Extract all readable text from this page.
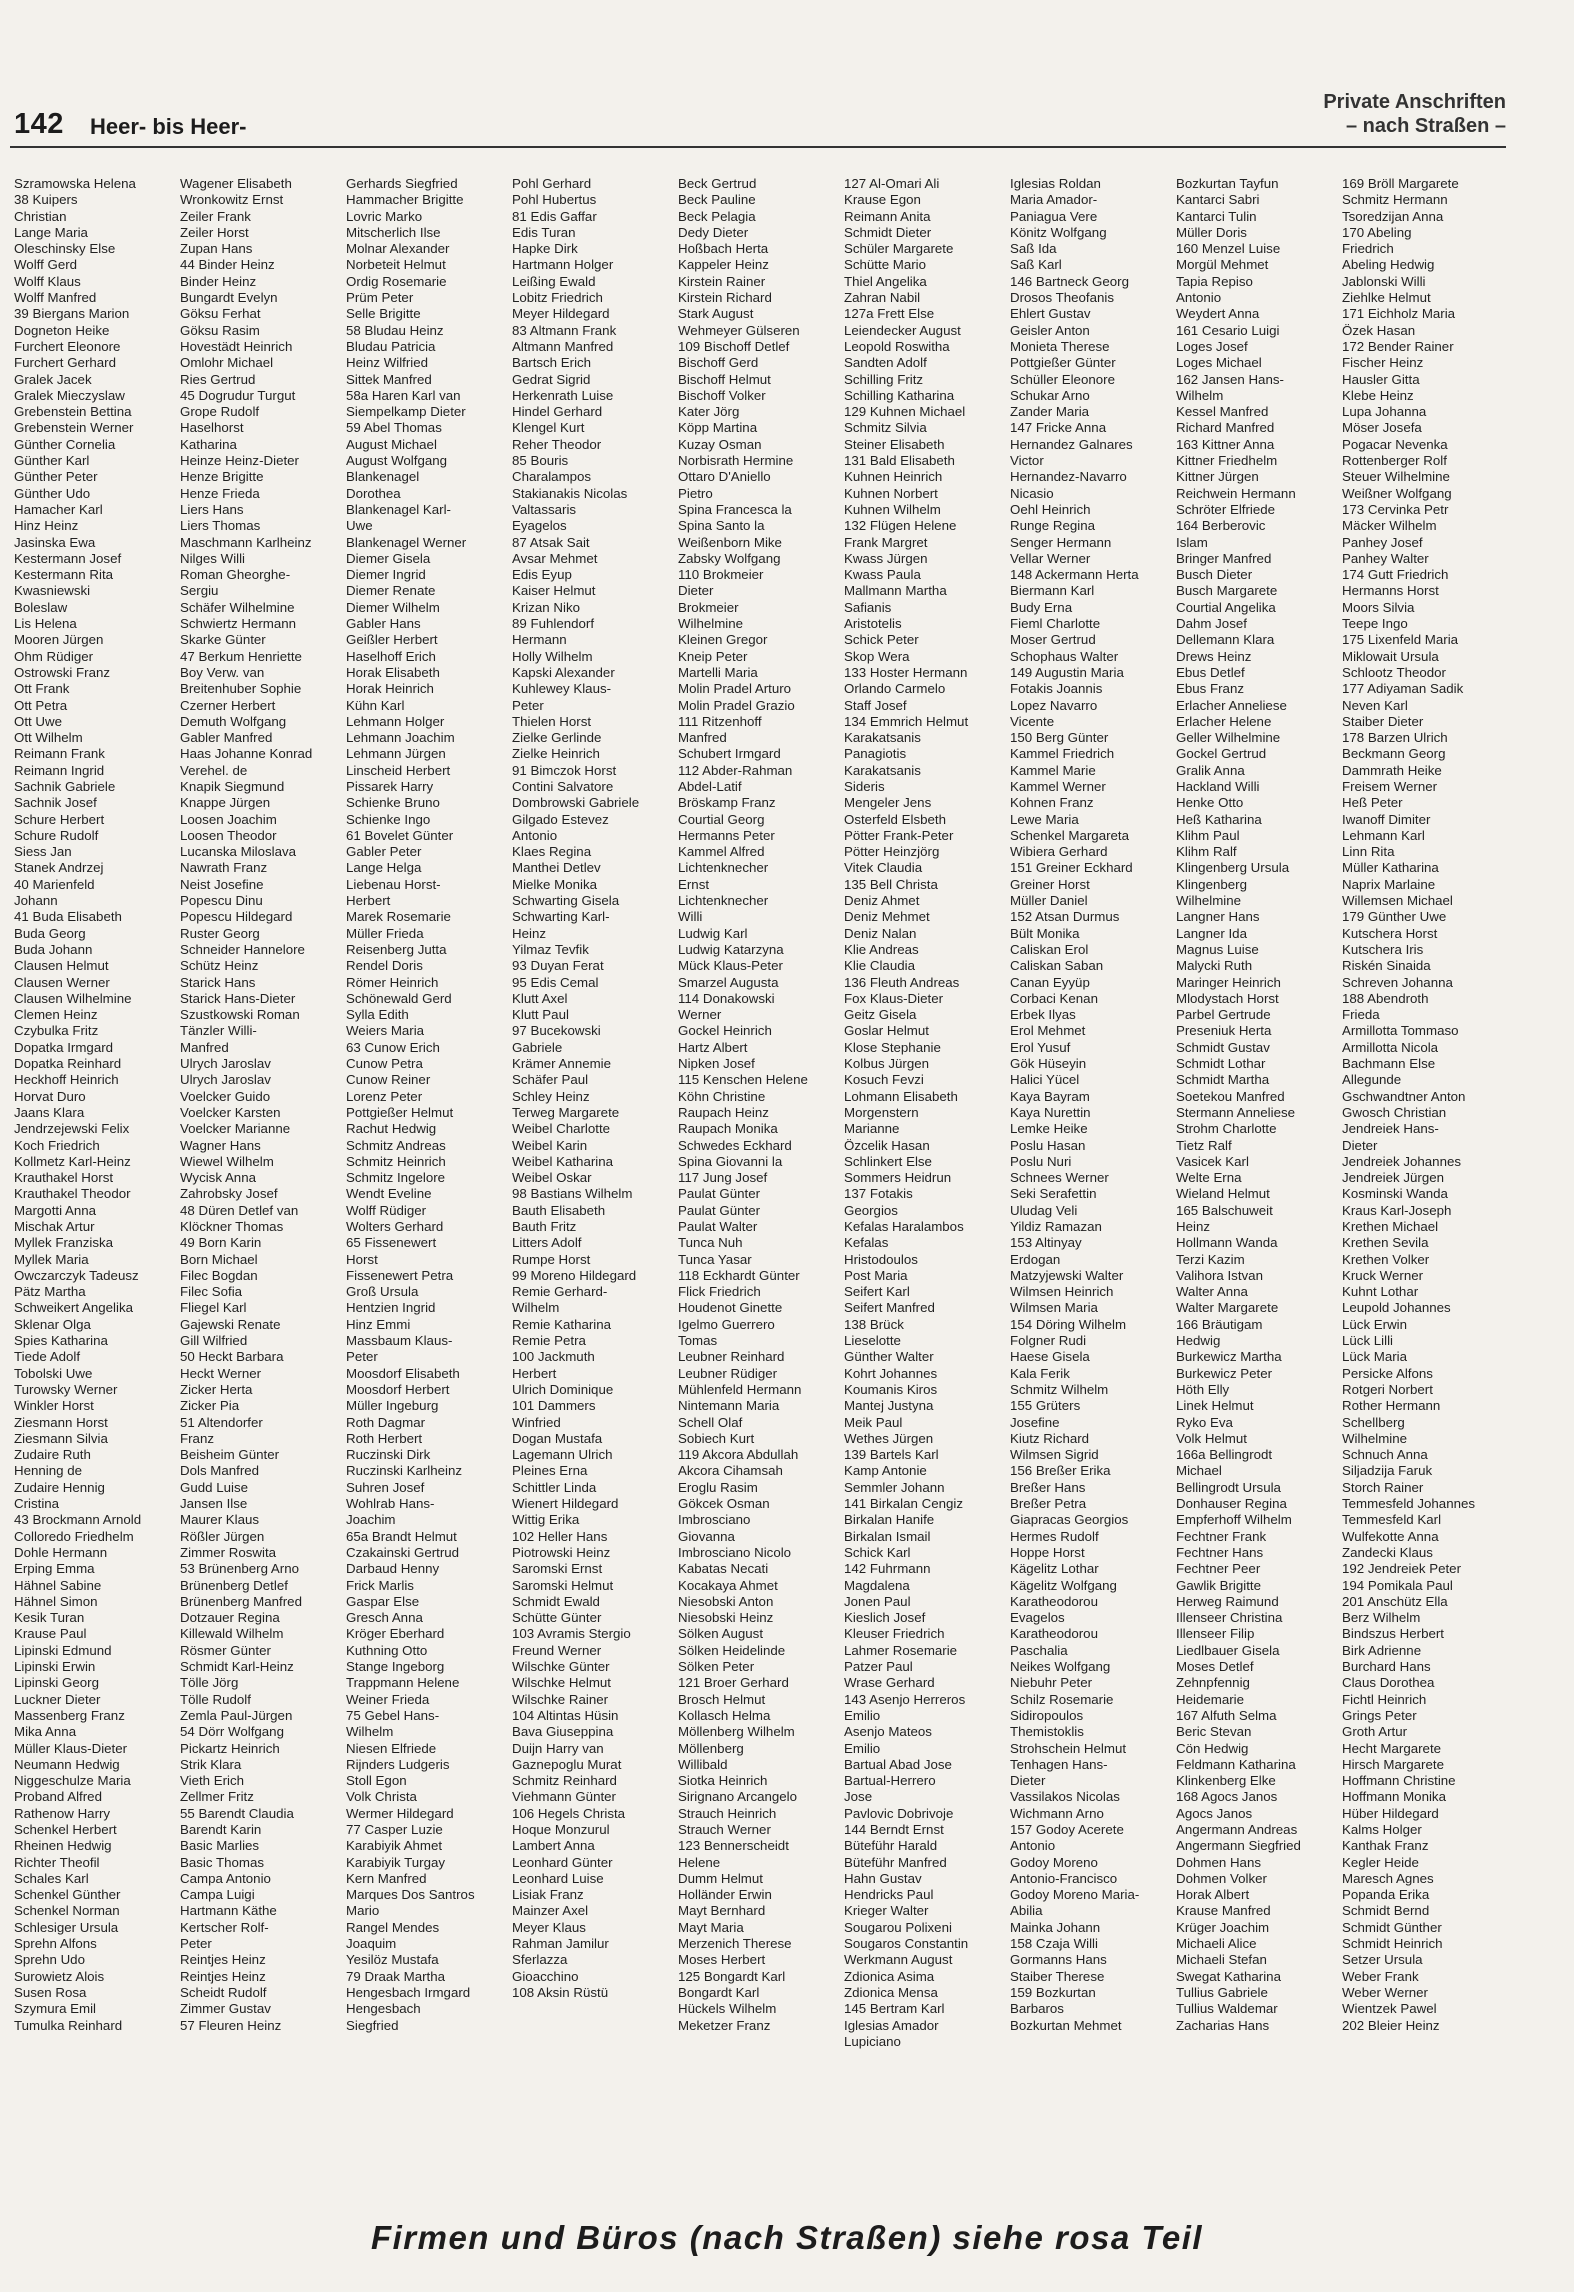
142 Heer- bis Heer-
Private Anschriften
– nach Straßen –
Szramowska Helena
38 Kuipers
Christian
Lange Maria
Oleschinsky Else
Wolff Gerd
Wolff Klaus
Wolff Manfred
39 Biergans Marion
Dogneton Heike
Furchert Eleonore
Furchert Gerhard
Gralek Jacek
Gralek Mieczyslaw
Grebenstein Bettina
Grebenstein Werner
Günther Cornelia
Günther Karl
Günther Peter
Günther Udo
Hamacher Karl
Hinz Heinz
Jasinska Ewa
Kestermann Josef
Kestermann Rita
Kwasniewski
Boleslaw
Lis Helena
Mooren Jürgen
Ohm Rüdiger
Ostrowski Franz
Ott Frank
Ott Petra
Ott Uwe
Ott Wilhelm
Reimann Frank
Reimann Ingrid
Sachnik Gabriele
Sachnik Josef
Schure Herbert
Schure Rudolf
Siess Jan
Stanek Andrzej
40 Marienfeld
Johann
41 Buda Elisabeth
Buda Georg
Buda Johann
Clausen Helmut
Clausen Werner
Clausen Wilhelmine
Clemen Heinz
Czybulka Fritz
Dopatka Irmgard
Dopatka Reinhard
Heckhoff Heinrich
Horvat Duro
Jaans Klara
Jendrzejewski Felix
Koch Friedrich
Kollmetz Karl-Heinz
Krauthakel Horst
Krauthakel Theodor
Margotti Anna
Mischak Artur
Myllek Franziska
Myllek Maria
Owczarczyk Tadeusz
Pätz Martha
Schweikert Angelika
Sklenar Olga
Spies Katharina
Tiede Adolf
Tobolski Uwe
Turowsky Werner
Winkler Horst
Ziesmann Horst
Ziesmann Silvia
Zudaire Ruth
Henning de
Zudaire Hennig
Cristina
43 Brockmann Arnold
Colloredo Friedhelm
Dohle Hermann
Erping Emma
Hähnel Sabine
Hähnel Simon
Kesik Turan
Krause Paul
Lipinski Edmund
Lipinski Erwin
Lipinski Georg
Luckner Dieter
Massenberg Franz
Mika Anna
Müller Klaus-Dieter
Neumann Hedwig
Niggeschulze Maria
Proband Alfred
Rathenow Harry
Schenkel Herbert
Rheinen Hedwig
Richter Theofil
Schales Karl
Schenkel Günther
Schenkel Norman
Schlesiger Ursula
Sprehn Alfons
Sprehn Udo
Surowietz Alois
Susen Rosa
Szymura Emil
Tumulka Reinhard
Wagener Elisabeth
Wronkowitz Ernst
Zeiler Frank
Zeiler Horst
Zupan Hans
44 Binder Heinz
Binder Heinz
Bungardt Evelyn
Göksu Ferhat
Göksu Rasim
Hovestädt Heinrich
Omlohr Michael
Ries Gertrud
45 Dogrudur Turgut
Grope Rudolf
Haselhorst
Katharina
Heinze Heinz-Dieter
Henze Brigitte
Henze Frieda
Liers Hans
Liers Thomas
Maschmann Karlheinz
Nilges Willi
Roman Gheorghe-
Sergiu
Schäfer Wilhelmine
Schwiertz Hermann
Skarke Günter
47 Berkum Henriette
Boy Verw. van
Breitenhuber Sophie
Czerner Herbert
Demuth Wolfgang
Gabler Manfred
Haas Johanne Konrad
Verehel. de
Knapik Siegmund
Knappe Jürgen
Loosen Joachim
Loosen Theodor
Lucanska Miloslava
Nawrath Franz
Neist Josefine
Popescu Dinu
Popescu Hildegard
Ruster Georg
Schneider Hannelore
Schütz Heinz
Starick Hans
Starick Hans-Dieter
Szustkowski Roman
Tänzler Willi-
Manfred
Ulrych Jaroslav
Ulrych Jaroslav
Voelcker Guido
Voelcker Karsten
Voelcker Marianne
Wagner Hans
Wiewel Wilhelm
Wycisk Anna
Zahrobsky Josef
48 Düren Detlef van
Klöckner Thomas
49 Born Karin
Born Michael
Filec Bogdan
Filec Sofia
Fliegel Karl
Gajewski Renate
Gill Wilfried
50 Heckt Barbara
Heckt Werner
Zicker Herta
Zicker Pia
51 Altendorfer
Franz
Beisheim Günter
Dols Manfred
Gudd Luise
Jansen Ilse
Maurer Klaus
Rößler Jürgen
Zimmer Roswita
53 Brünenberg Arno
Brünenberg Detlef
Brünenberg Manfred
Dotzauer Regina
Killewald Wilhelm
Rösmer Günter
Schmidt Karl-Heinz
Tölle Jörg
Tölle Rudolf
Zemla Paul-Jürgen
54 Dörr Wolfgang
Pickartz Heinrich
Strik Klara
Vieth Erich
Zellmer Fritz
55 Barendt Claudia
Barendt Karin
Basic Marlies
Basic Thomas
Campa Antonio
Campa Luigi
Hartmann Käthe
Kertscher Rolf-
Peter
Reintjes Heinz
Reintjes Heinz
Scheidt Rudolf
Zimmer Gustav
57 Fleuren Heinz
Gerhards Siegfried
Hammacher Brigitte
Lovric Marko
Mitscherlich Ilse
Molnar Alexander
Norbeteit Helmut
Ordig Rosemarie
Prüm Peter
Selle Brigitte
58 Bludau Heinz
Bludau Patricia
Heinz Wilfried
Sittek Manfred
58a Haren Karl van
Siempelkamp Dieter
59 Abel Thomas
August Michael
August Wolfgang
Blankenagel
Dorothea
Blankenagel Karl-
Uwe
Blankenagel Werner
Diemer Gisela
Diemer Ingrid
Diemer Renate
Diemer Wilhelm
Gabler Hans
Geißler Herbert
Haselhoff Erich
Horak Elisabeth
Horak Heinrich
Kühn Karl
Lehmann Holger
Lehmann Joachim
Lehmann Jürgen
Linscheid Herbert
Pissarek Harry
Schienke Bruno
Schienke Ingo
61 Bovelet Günter
Gabler Peter
Lange Helga
Liebenau Horst-
Herbert
Marek Rosemarie
Müller Frieda
Reisenberg Jutta
Rendel Doris
Römer Heinrich
Schönewald Gerd
Sylla Edith
Weiers Maria
63 Cunow Erich
Cunow Petra
Cunow Reiner
Lorenz Peter
Pottgießer Helmut
Rachut Hedwig
Schmitz Andreas
Schmitz Heinrich
Schmitz Ingelore
Wendt Eveline
Wolff Rüdiger
Wolters Gerhard
65 Fissenewert
Horst
Fissenewert Petra
Groß Ursula
Hentzien Ingrid
Hinz Emmi
Massbaum Klaus-
Peter
Moosdorf Elisabeth
Moosdorf Herbert
Müller Ingeburg
Roth Dagmar
Roth Herbert
Ruczinski Dirk
Ruczinski Karlheinz
Suhren Josef
Wohlrab Hans-
Joachim
65a Brandt Helmut
Czakainski Gertrud
Darbaud Henny
Frick Marlis
Gaspar Else
Gresch Anna
Kröger Eberhard
Kuthning Otto
Stange Ingeborg
Trappmann Helene
Weiner Frieda
75 Gebel Hans-
Wilhelm
Niesen Elfriede
Rijnders Ludgeris
Stoll Egon
Volk Christa
Wermer Hildegard
77 Casper Luzie
Karabiyik Ahmet
Karabiyik Turgay
Kern Manfred
Marques Dos Santros
Mario
Rangel Mendes
Joaquim
Yesilöz Mustafa
79 Draak Martha
Hengesbach Irmgard
Hengesbach
Siegfried
Pohl Gerhard
Pohl Hubertus
81 Edis Gaffar
Edis Turan
Hapke Dirk
Hartmann Holger
Leißing Ewald
Lobitz Friedrich
Meyer Hildegard
83 Altmann Frank
Altmann Manfred
Bartsch Erich
Gedrat Sigrid
Herkenrath Luise
Hindel Gerhard
Klengel Kurt
Reher Theodor
85 Bouris
Charalampos
Stakianakis Nicolas
Valtassaris
Eyagelos
87 Atsak Sait
Avsar Mehmet
Edis Eyup
Kaiser Helmut
Krizan Niko
89 Fuhlendorf
Hermann
Holly Wilhelm
Kapski Alexander
Kuhlewey Klaus-
Peter
Thielen Horst
Zielke Gerlinde
Zielke Heinrich
91 Bimczok Horst
Contini Salvatore
Dombrowski Gabriele
Gilgado Estevez
Antonio
Klaes Regina
Manthei Detlev
Mielke Monika
Schwarting Gisela
Schwarting Karl-
Heinz
Yilmaz Tevfik
93 Duyan Ferat
95 Edis Cemal
Klutt Axel
Klutt Paul
97 Bucekowski
Gabriele
Krämer Annemie
Schäfer Paul
Schley Heinz
Terweg Margarete
Weibel Charlotte
Weibel Karin
Weibel Katharina
Weibel Oskar
98 Bastians Wilhelm
Bauth Elisabeth
Bauth Fritz
Litters Adolf
Rumpe Horst
99 Moreno Hildegard
Remie Gerhard-
Wilhelm
Remie Katharina
Remie Petra
100 Jackmuth
Herbert
Ulrich Dominique
101 Dammers
Winfried
Dogan Mustafa
Lagemann Ulrich
Pleines Erna
Schittler Linda
Wienert Hildegard
Wittig Erika
102 Heller Hans
Piotrowski Heinz
Saromski Ernst
Saromski Helmut
Schmidt Ewald
Schütte Günter
103 Avramis Stergio
Freund Werner
Wilschke Günter
Wilschke Helmut
Wilschke Rainer
104 Altintas Hüsin
Bava Giuseppina
Duijn Harry van
Gaznepoglu Murat
Schmitz Reinhard
Viehmann Günter
106 Hegels Christa
Hoque Monzurul
Lambert Anna
Leonhard Günter
Leonhard Luise
Lisiak Franz
Mainzer Axel
Meyer Klaus
Rahman Jamilur
Sferlazza
Gioacchino
108 Aksin Rüstü
Beck Gertrud
Beck Pauline
Beck Pelagia
Dedy Dieter
Hoßbach Herta
Kappeler Heinz
Kirstein Rainer
Kirstein Richard
Stark August
Wehmeyer Gülseren
109 Bischoff Detlef
Bischoff Gerd
Bischoff Helmut
Bischoff Volker
Kater Jörg
Köpp Martina
Kuzay Osman
Norbisrath Hermine
Ottaro D'Aniello
Pietro
Spina Francesca la
Spina Santo la
Weißenborn Mike
Zabsky Wolfgang
110 Brokmeier
Dieter
Brokmeier
Wilhelmine
Kleinen Gregor
Kneip Peter
Martelli Maria
Molin Pradel Arturo
Molin Pradel Grazio
111 Ritzenhoff
Manfred
Schubert Irmgard
112 Abder-Rahman
Abdel-Latif
Bröskamp Franz
Courtial Georg
Hermanns Peter
Kammel Alfred
Lichtenknecher
Ernst
Lichtenknecher
Willi
Ludwig Karl
Ludwig Katarzyna
Mück Klaus-Peter
Smarzel Augusta
114 Donakowski
Werner
Gockel Heinrich
Hartz Albert
Nipken Josef
115 Kenschen Helene
Köhn Christine
Raupach Heinz
Raupach Monika
Schwedes Eckhard
Spina Giovanni la
117 Jung Josef
Paulat Günter
Paulat Günter
Paulat Walter
Tunca Nuh
Tunca Yasar
118 Eckhardt Günter
Flick Friedrich
Houdenot Ginette
Igelmo Guerrero
Tomas
Leubner Reinhard
Leubner Rüdiger
Mühlenfeld Hermann
Nintemann Maria
Schell Olaf
Sobiech Kurt
119 Akcora Abdullah
Akcora Cihamsah
Eroglu Rasim
Gökcek Osman
Imbrosciano
Giovanna
Imbrosciano Nicolo
Kabatas Necati
Kocakaya Ahmet
Niesobski Anton
Niesobski Heinz
Sölken August
Sölken Heidelinde
Sölken Peter
121 Broer Gerhard
Brosch Helmut
Kollasch Helma
Möllenberg Wilhelm
Möllenberg
Willibald
Siotka Heinrich
Sirignano Arcangelo
Strauch Heinrich
Strauch Werner
123 Bennerscheidt
Helene
Dumm Helmut
Holländer Erwin
Mayt Bernhard
Mayt Maria
Merzenich Therese
Moses Herbert
125 Bongardt Karl
Bongardt Karl
Hückels Wilhelm
Meketzer Franz
127 Al-Omari Ali
Krause Egon
Reimann Anita
Schmidt Dieter
Schüler Margarete
Schütte Mario
Thiel Angelika
Zahran Nabil
127a Frett Else
Leiendecker August
Leopold Roswitha
Sandten Adolf
Schilling Fritz
Schilling Katharina
129 Kuhnen Michael
Schmitz Silvia
Steiner Elisabeth
131 Bald Elisabeth
Kuhnen Heinrich
Kuhnen Norbert
Kuhnen Wilhelm
132 Flügen Helene
Frank Margret
Kwass Jürgen
Kwass Paula
Mallmann Martha
Safianis
Aristotelis
Schick Peter
Skop Wera
133 Hoster Hermann
Orlando Carmelo
Staff Josef
134 Emmrich Helmut
Karakatsanis
Panagiotis
Karakatsanis
Sideris
Mengeler Jens
Osterfeld Elsbeth
Pötter Frank-Peter
Pötter Heinzjörg
Vitek Claudia
135 Bell Christa
Deniz Ahmet
Deniz Mehmet
Deniz Nalan
Klie Andreas
Klie Claudia
136 Fleuth Andreas
Fox Klaus-Dieter
Geitz Gisela
Goslar Helmut
Klose Stephanie
Kolbus Jürgen
Kosuch Fevzi
Lohmann Elisabeth
Morgenstern
Marianne
Özcelik Hasan
Schlinkert Else
Sommers Heidrun
137 Fotakis
Georgios
Kefalas Haralambos
Kefalas
Hristodoulos
Post Maria
Seifert Karl
Seifert Manfred
138 Brück
Lieselotte
Günther Walter
Kohrt Johannes
Koumanis Kiros
Mantej Justyna
Meik Paul
Wethes Jürgen
139 Bartels Karl
Kamp Antonie
Semmler Johann
141 Birkalan Cengiz
Birkalan Hanife
Birkalan Ismail
Schick Karl
142 Fuhrmann
Magdalena
Jonen Paul
Kieslich Josef
Kleuser Friedrich
Lahmer Rosemarie
Patzer Paul
Wrase Gerhard
143 Asenjo Herreros
Emilio
Asenjo Mateos
Emilio
Bartual Abad Jose
Bartual-Herrero
Jose
Pavlovic Dobrivoje
144 Berndt Ernst
Büteführ Harald
Büteführ Manfred
Hahn Gustav
Hendricks Paul
Krieger Walter
Sougarou Polixeni
Sougaros Constantin
Werkmann August
Zdionica Asima
Zdionica Mensa
145 Bertram Karl
Iglesias Amador
Lupiciano
Iglesias Roldan
Maria Amador-
Paniagua Vere
Könitz Wolfgang
Saß Ida
Saß Karl
146 Bartneck Georg
Drosos Theofanis
Ehlert Gustav
Geisler Anton
Monieta Therese
Pottgießer Günter
Schüller Eleonore
Schukar Arno
Zander Maria
147 Fricke Anna
Hernandez Galnares
Victor
Hernandez-Navarro
Nicasio
Oehl Heinrich
Runge Regina
Senger Hermann
Vellar Werner
148 Ackermann Herta
Biermann Karl
Budy Erna
Fieml Charlotte
Moser Gertrud
Schophaus Walter
149 Augustin Maria
Fotakis Joannis
Lopez Navarro
Vicente
150 Berg Günter
Kammel Friedrich
Kammel Marie
Kammel Werner
Kohnen Franz
Lewe Maria
Schenkel Margareta
Wibiera Gerhard
151 Greiner Eckhard
Greiner Horst
Müller Daniel
152 Atsan Durmus
Bült Monika
Caliskan Erol
Caliskan Saban
Canan Eyyüp
Corbaci Kenan
Erbek Ilyas
Erol Mehmet
Erol Yusuf
Gök Hüseyin
Halici Yücel
Kaya Bayram
Kaya Nurettin
Lemke Heike
Poslu Hasan
Poslu Nuri
Schnees Werner
Seki Serafettin
Uludag Veli
Yildiz Ramazan
153 Altinyay
Erdogan
Matzyjewski Walter
Wilmsen Heinrich
Wilmsen Maria
154 Döring Wilhelm
Folgner Rudi
Haese Gisela
Kala Ferik
Schmitz Wilhelm
155 Grüters
Josefine
Kiutz Richard
Wilmsen Sigrid
156 Breßer Erika
Breßer Hans
Breßer Petra
Giapracas Georgios
Hermes Rudolf
Hoppe Horst
Kägelitz Lothar
Kägelitz Wolfgang
Karatheodorou
Evagelos
Karatheodorou
Paschalia
Neikes Wolfgang
Niebuhr Peter
Schilz Rosemarie
Sidiropoulos
Themistoklis
Strohschein Helmut
Tenhagen Hans-
Dieter
Vassilakos Nicolas
Wichmann Arno
157 Godoy Acerete
Antonio
Godoy Moreno
Antonio-Francisco
Godoy Moreno Maria-
Abilia
Mainka Johann
158 Czaja Willi
Gormanns Hans
Staiber Therese
159 Bozkurtan
Barbaros
Bozkurtan Mehmet
Bozkurtan Tayfun
Kantarci Sabri
Kantarci Tulin
Müller Doris
160 Menzel Luise
Morgül Mehmet
Tapia Repiso
Antonio
Weydert Anna
161 Cesario Luigi
Loges Josef
Loges Michael
162 Jansen Hans-
Wilhelm
Kessel Manfred
Richard Manfred
163 Kittner Anna
Kittner Friedhelm
Kittner Jürgen
Reichwein Hermann
Schröter Elfriede
164 Berberovic
Islam
Bringer Manfred
Busch Dieter
Busch Margarete
Courtial Angelika
Dahm Josef
Dellemann Klara
Drews Heinz
Ebus Detlef
Ebus Franz
Erlacher Anneliese
Erlacher Helene
Geller Wilhelmine
Gockel Gertrud
Gralik Anna
Hackland Willi
Henke Otto
Heß Katharina
Klihm Paul
Klihm Ralf
Klingenberg Ursula
Klingenberg
Wilhelmine
Langner Hans
Langner Ida
Magnus Luise
Malycki Ruth
Maringer Heinrich
Mlodystach Horst
Parbel Gertrude
Preseniuk Herta
Schmidt Gustav
Schmidt Lothar
Schmidt Martha
Soetekou Manfred
Stermann Anneliese
Strohm Charlotte
Tietz Ralf
Vasicek Karl
Welte Erna
Wieland Helmut
165 Balschuweit
Heinz
Hollmann Wanda
Terzi Kazim
Valihora Istvan
Walter Anna
Walter Margarete
166 Bräutigam
Hedwig
Burkewicz Martha
Burkewicz Peter
Höth Elly
Linek Helmut
Ryko Eva
Volk Helmut
166a Bellingrodt
Michael
Bellingrodt Ursula
Donhauser Regina
Empferhoff Wilhelm
Fechtner Frank
Fechtner Hans
Fechtner Peer
Gawlik Brigitte
Herweg Raimund
Illenseer Christina
Illenseer Filip
Liedlbauer Gisela
Moses Detlef
Zehnpfennig
Heidemarie
167 Alfuth Selma
Beric Stevan
Cön Hedwig
Feldmann Katharina
Klinkenberg Elke
168 Agocs Janos
Agocs Janos
Angermann Andreas
Angermann Siegfried
Dohmen Hans
Dohmen Volker
Horak Albert
Krause Manfred
Krüger Joachim
Michaeli Alice
Michaeli Stefan
Swegat Katharina
Tullius Gabriele
Tullius Waldemar
Zacharias Hans
169 Bröll Margarete
Schmitz Hermann
Tsoredzijan Anna
170 Abeling
Friedrich
Abeling Hedwig
Jablonski Willi
Ziehlke Helmut
171 Eichholz Maria
Özek Hasan
172 Bender Rainer
Fischer Heinz
Hausler Gitta
Klebe Heinz
Lupa Johanna
Möser Josefa
Pogacar Nevenka
Rottenberger Rolf
Steuer Wilhelmine
Weißner Wolfgang
173 Cervinka Petr
Mäcker Wilhelm
Panhey Josef
Panhey Walter
174 Gutt Friedrich
Hermanns Horst
Moors Silvia
Teepe Ingo
175 Lixenfeld Maria
Miklowait Ursula
Schlootz Theodor
177 Adiyaman Sadik
Neven Karl
Staiber Dieter
178 Barzen Ulrich
Beckmann Georg
Dammrath Heike
Freisem Werner
Heß Peter
Iwanoff Dimiter
Lehmann Karl
Linn Rita
Müller Katharina
Naprix Marlaine
Willemsen Michael
179 Günther Uwe
Kutschera Horst
Kutschera Iris
Riskén Sinaida
Schreven Johanna
188 Abendroth
Frieda
Armillotta Tommaso
Armillotta Nicola
Bachmann Else
Allegunde
Gschwandtner Anton
Gwosch Christian
Jendreiek Hans-
Dieter
Jendreiek Johannes
Jendreiek Jürgen
Kosminski Wanda
Kraus Karl-Joseph
Krethen Michael
Krethen Sevila
Krethen Volker
Kruck Werner
Kuhnt Lothar
Leupold Johannes
Lück Erwin
Lück Lilli
Lück Maria
Persicke Alfons
Rotgeri Norbert
Rother Hermann
Schellberg
Wilhelmine
Schnuch Anna
Siljadzija Faruk
Storch Rainer
Temmesfeld Johannes
Temmesfeld Karl
Wulfekotte Anna
Zandecki Klaus
192 Jendreiek Peter
194 Pomikala Paul
201 Anschütz Ella
Berz Wilhelm
Bindszus Herbert
Birk Adrienne
Burchard Hans
Claus Dorothea
Fichtl Heinrich
Grings Peter
Groth Artur
Hecht Margarete
Hirsch Margarete
Hoffmann Christine
Hoffmann Monika
Hüber Hildegard
Kalms Holger
Kanthak Franz
Kegler Heide
Maresch Agnes
Popanda Erika
Schmidt Bernd
Schmidt Günther
Schmidt Heinrich
Setzer Ursula
Weber Frank
Weber Werner
Wientzek Pawel
202 Bleier Heinz
Firmen und Büros (nach Straßen) siehe rosa Teil
